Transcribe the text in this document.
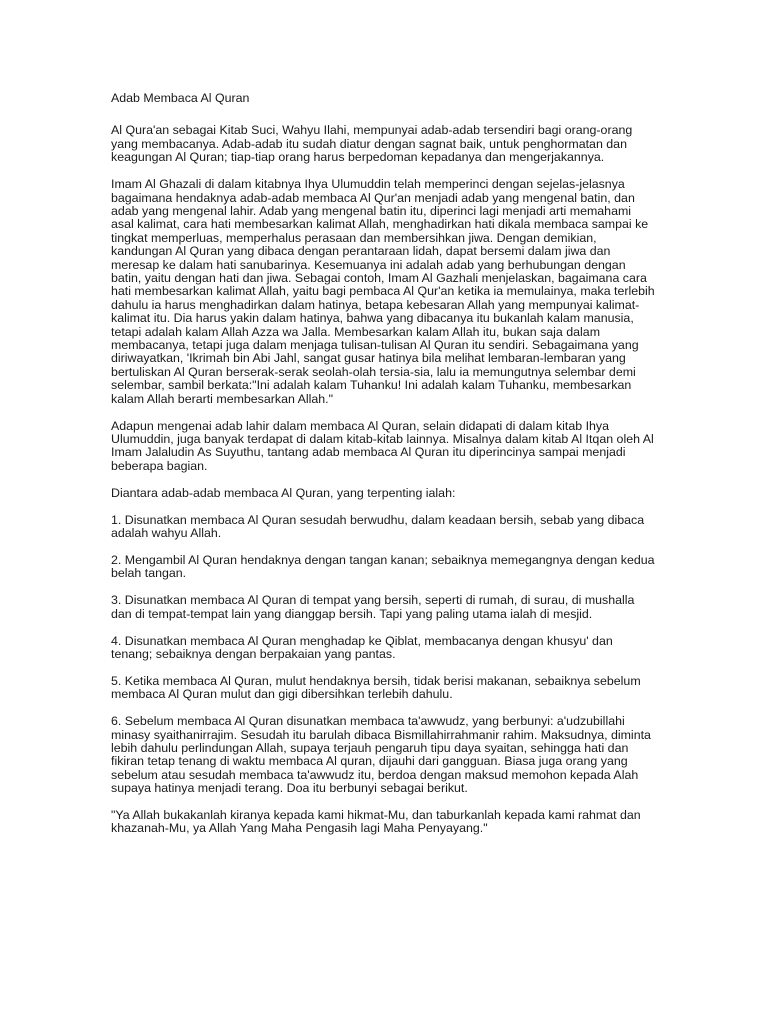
Adab Membaca Al Quran

Al Qura'an sebagai Kitab Suci, Wahyu Ilahi, mempunyai adab-adab tersendiri bagi orang-orang
yang membacanya. Adab-adab itu sudah diatur dengan sagnat baik, untuk penghormatan dan
keagungan Al Quran; tiap-tiap orang harus berpedoman kepadanya dan mengerjakannya.

Imam Al Ghazali di dalam kitabnya Ihya Ulumuddin telah memperinci dengan sejelas-jelasnya
bagaimana hendaknya adab-adab membaca Al Qur'an menjadi adab yang mengenal batin, dan
adab yang mengenal lahir. Adab yang mengenal batin itu, diperinci lagi menjadi arti memahami
asal kalimat, cara hati membesarkan kalimat Allah, menghadirkan hati dikala membaca sampai ke
tingkat memperluas, memperhalus perasaan dan membersihkan jiwa. Dengan demikian,
kandungan Al Quran yang dibaca dengan perantaraan lidah, dapat bersemi dalam jiwa dan
meresap ke dalam hati sanubarinya. Kesemuanya ini adalah adab yang berhubungan dengan
batin, yaitu dengan hati dan jiwa. Sebagai contoh, Imam Al Gazhali menjelaskan, bagaimana cara
hati membesarkan kalimat Allah, yaitu bagi pembaca Al Qur'an ketika ia memulainya, maka terlebih
dahulu ia harus menghadirkan dalam hatinya, betapa kebesaran Allah yang mempunyai kalimat-
kalimat itu. Dia harus yakin dalam hatinya, bahwa yang dibacanya itu bukanlah kalam manusia,
tetapi adalah kalam Allah Azza wa Jalla. Membesarkan kalam Allah itu, bukan saja dalam
membacanya, tetapi juga dalam menjaga tulisan-tulisan Al Quran itu sendiri. Sebagaimana yang
diriwayatkan, 'Ikrimah bin Abi Jahl, sangat gusar hatinya bila melihat lembaran-lembaran yang
bertuliskan Al Quran berserak-serak seolah-olah tersia-sia, lalu ia memungutnya selembar demi
selembar, sambil berkata:"Ini adalah kalam Tuhanku! Ini adalah kalam Tuhanku, membesarkan
kalam Allah berarti membesarkan Allah."

Adapun mengenai adab lahir dalam membaca Al Quran, selain didapati di dalam kitab Ihya
Ulumuddin, juga banyak terdapat di dalam kitab-kitab lainnya. Misalnya dalam kitab Al Itqan oleh Al
Imam Jalaludin As Suyuthu, tantang adab membaca Al Quran itu diperincinya sampai menjadi
beberapa bagian.

Diantara adab-adab membaca Al Quran, yang terpenting ialah:

1. Disunatkan membaca Al Quran sesudah berwudhu, dalam keadaan bersih, sebab yang dibaca
adalah wahyu Allah.

2. Mengambil Al Quran hendaknya dengan tangan kanan; sebaiknya memegangnya dengan kedua
belah tangan.

3. Disunatkan membaca Al Quran di tempat yang bersih, seperti di rumah, di surau, di mushalla
dan di tempat-tempat lain yang dianggap bersih. Tapi yang paling utama ialah di mesjid.

4. Disunatkan membaca Al Quran menghadap ke Qiblat, membacanya dengan khusyu' dan
tenang; sebaiknya dengan berpakaian yang pantas.

5. Ketika membaca Al Quran, mulut hendaknya bersih, tidak berisi makanan, sebaiknya sebelum
membaca Al Quran mulut dan gigi dibersihkan terlebih dahulu.

6. Sebelum membaca Al Quran disunatkan membaca ta'awwudz, yang berbunyi: a'udzubillahi
minasy syaithanirrajim. Sesudah itu barulah dibaca Bismillahirrahmanir rahim. Maksudnya, diminta
lebih dahulu perlindungan Allah, supaya terjauh pengaruh tipu daya syaitan, sehingga hati dan
fikiran tetap tenang di waktu membaca Al quran, dijauhi dari gangguan. Biasa juga orang yang
sebelum atau sesudah membaca ta'awwudz itu, berdoa dengan maksud memohon kepada Alah
supaya hatinya menjadi terang. Doa itu berbunyi sebagai berikut.

"Ya Allah bukakanlah kiranya kepada kami hikmat-Mu, dan taburkanlah kepada kami rahmat dan
khazanah-Mu, ya Allah Yang Maha Pengasih lagi Maha Penyayang."
